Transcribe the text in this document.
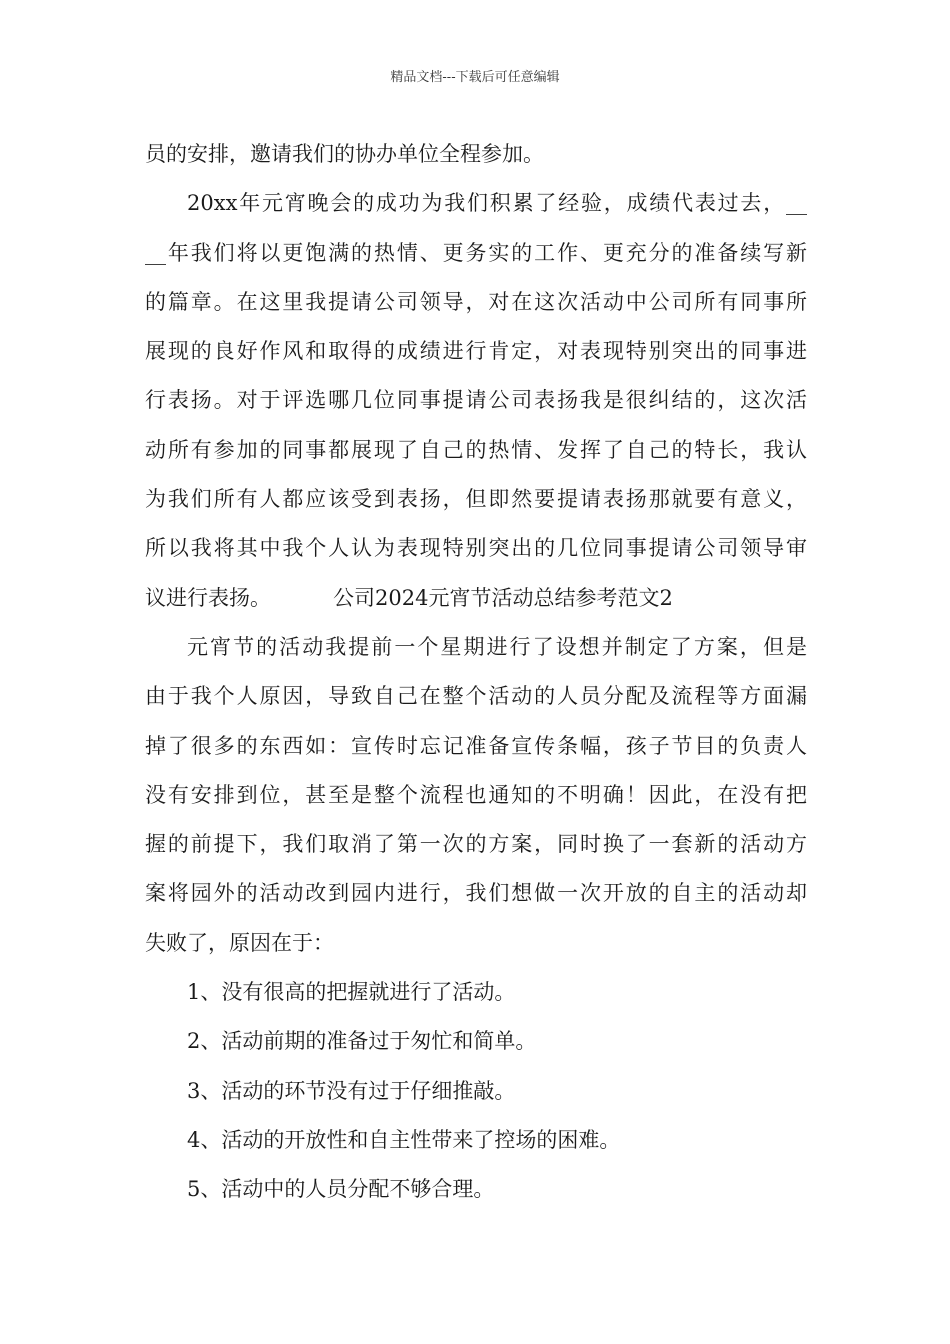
精品文档---下载后可任意编辑
员的安排，邀请我们的协办单位全程参加。
20xx年元宵晚会的成功为我们积累了经验，成绩代表过去，__
__年我们将以更饱满的热情、更务实的工作、更充分的准备续写新
的篇章。在这里我提请公司领导，对在这次活动中公司所有同事所
展现的良好作风和取得的成绩进行肯定，对表现特别突出的同事进
行表扬。对于评选哪几位同事提请公司表扬我是很纠结的，这次活
动所有参加的同事都展现了自己的热情、发挥了自己的特长，我认
为我们所有人都应该受到表扬，但即然要提请表扬那就要有意义，
所以我将其中我个人认为表现特别突出的几位同事提请公司领导审
议进行表扬。	公司2024元宵节活动总结参考范文2
元宵节的活动我提前一个星期进行了设想并制定了方案，但是
由于我个人原因，导致自己在整个活动的人员分配及流程等方面漏
掉了很多的东西如：宣传时忘记准备宣传条幅，孩子节目的负责人
没有安排到位，甚至是整个流程也通知的不明确！因此，在没有把
握的前提下，我们取消了第一次的方案，同时换了一套新的活动方
案将园外的活动改到园内进行，我们想做一次开放的自主的活动却
失败了，原因在于：
1、没有很高的把握就进行了活动。
2、活动前期的准备过于匆忙和简单。
3、活动的环节没有过于仔细推敲。
4、活动的开放性和自主性带来了控场的困难。
5、活动中的人员分配不够合理。
